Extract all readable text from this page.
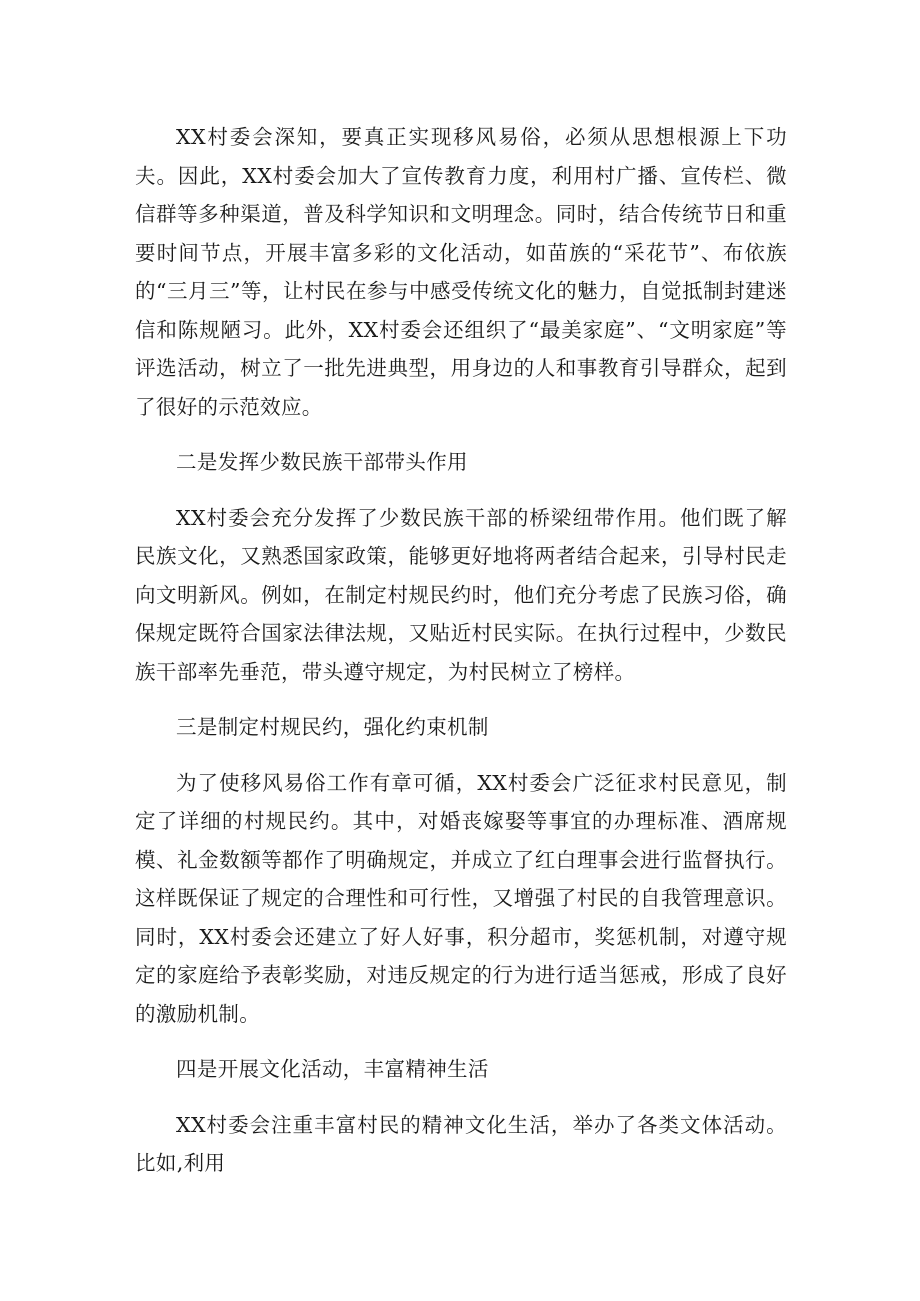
XX村委会深知，要真正实现移风易俗，必须从思想根源上下功夫。因此，XX村委会加大了宣传教育力度，利用村广播、宣传栏、微信群等多种渠道，普及科学知识和文明理念。同时，结合传统节日和重要时间节点，开展丰富多彩的文化活动，如苗族的“采花节”、布依族的“三月三”等，让村民在参与中感受传统文化的魅力，自觉抵制封建迷信和陈规陋习。此外，XX村委会还组织了“最美家庭”、“文明家庭”等评选活动，树立了一批先进典型，用身边的人和事教育引导群众，起到了很好的示范效应。

二是发挥少数民族干部带头作用

XX村委会充分发挥了少数民族干部的桥梁纽带作用。他们既了解民族文化，又熟悉国家政策，能够更好地将两者结合起来，引导村民走向文明新风。例如，在制定村规民约时，他们充分考虑了民族习俗，确保规定既符合国家法律法规，又贴近村民实际。在执行过程中，少数民族干部率先垂范，带头遵守规定，为村民树立了榜样。

三是制定村规民约，强化约束机制

为了使移风易俗工作有章可循，XX村委会广泛征求村民意见，制定了详细的村规民约。其中，对婚丧嫁娶等事宜的办理标准、酒席规模、礼金数额等都作了明确规定，并成立了红白理事会进行监督执行。这样既保证了规定的合理性和可行性，又增强了村民的自我管理意识。同时，XX村委会还建立了好人好事，积分超市，奖惩机制，对遵守规定的家庭给予表彰奖励，对违反规定的行为进行适当惩戒，形成了良好的激励机制。

四是开展文化活动，丰富精神生活

XX村委会注重丰富村民的精神文化生活，举办了各类文体活动。比如,利用
